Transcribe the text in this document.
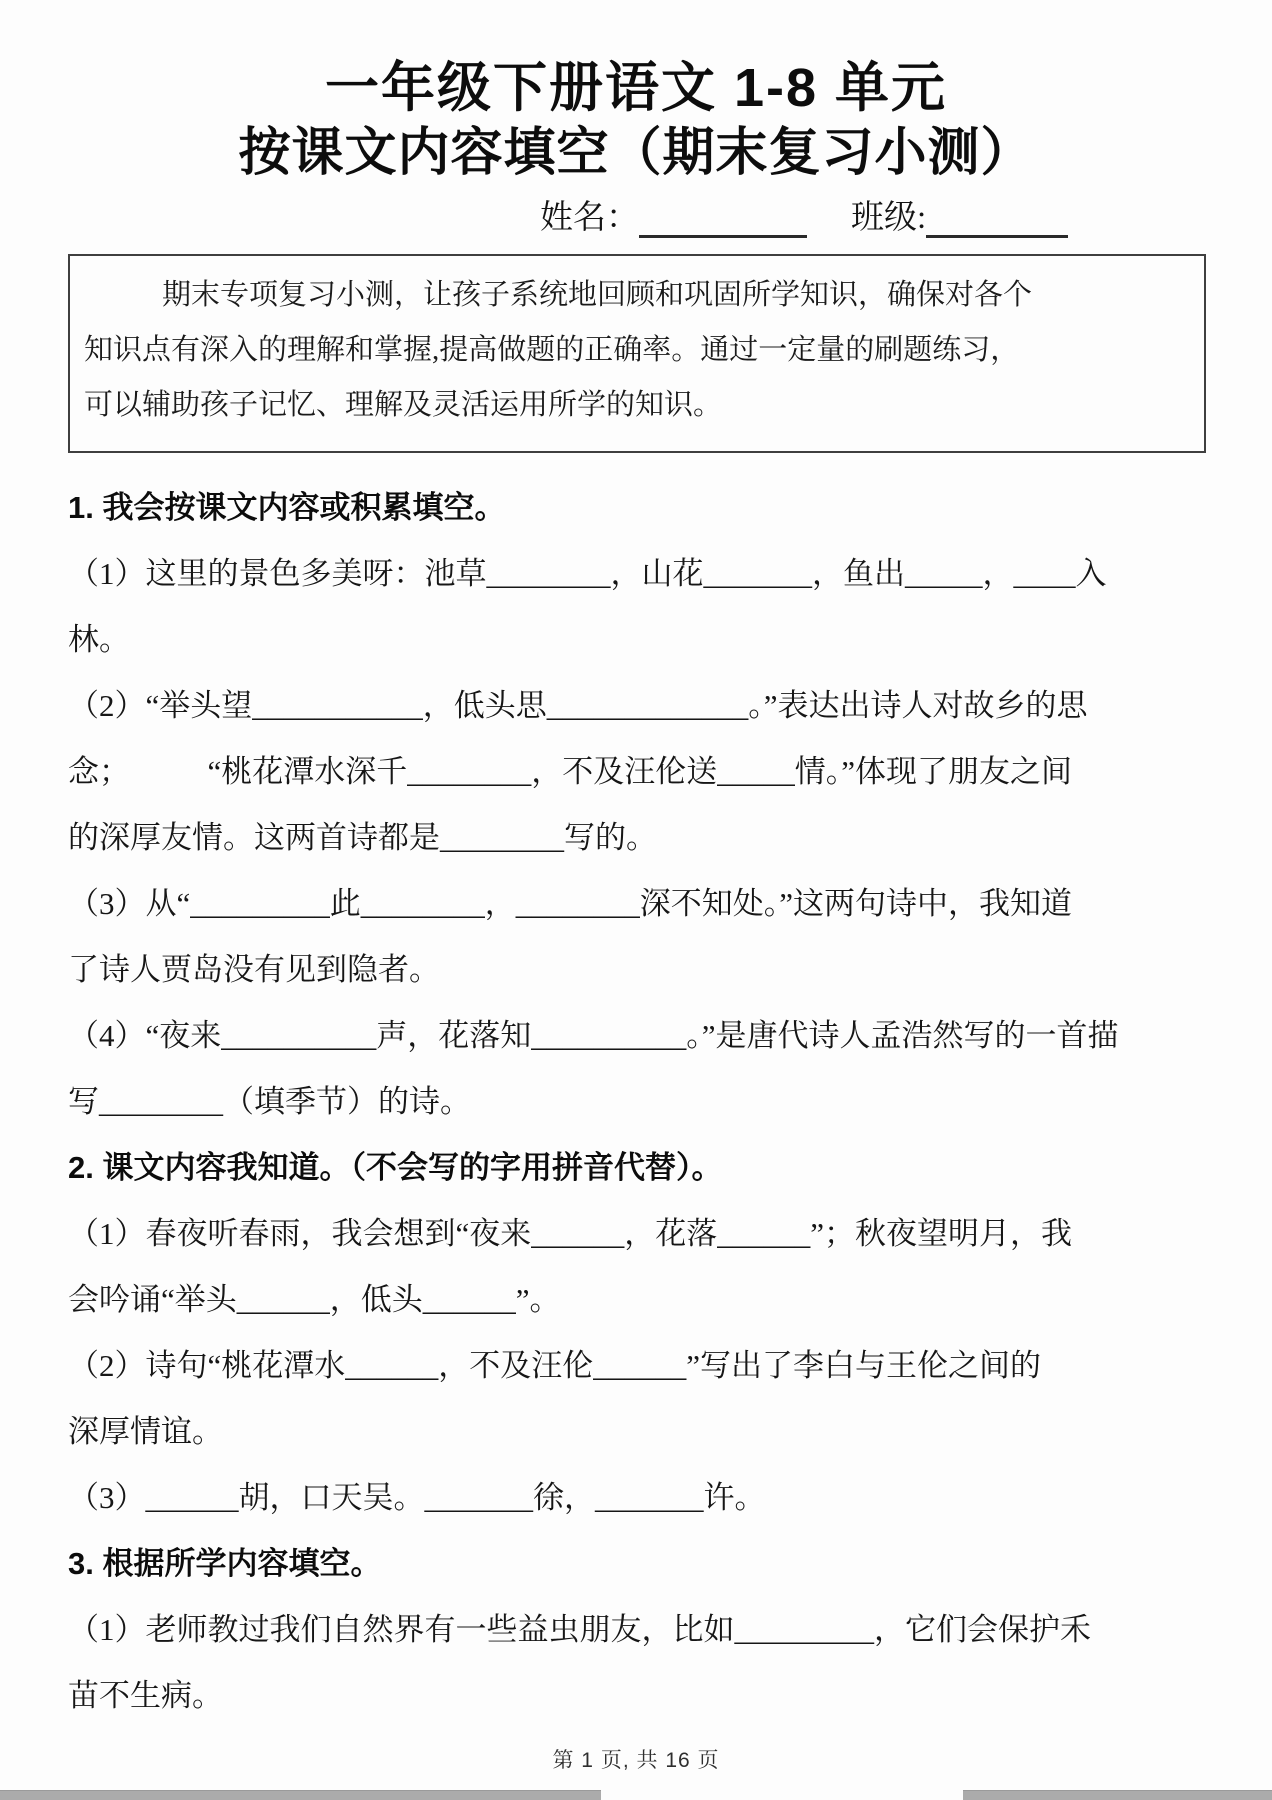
一年级下册语文 1-8 单元
按课文内容填空（期末复习小测）
姓名：	班级:
期末专项复习小测，让孩子系统地回顾和巩固所学知识，确保对各个
知识点有深入的理解和掌握,提高做题的正确率。通过一定量的刷题练习，
可以辅助孩子记忆、理解及灵活运用所学的知识。
1. 我会按课文内容或积累填空。
（1）这里的景色多美呀：池草________，山花_______，鱼出_____，____入
林。
（2）“举头望___________，低头思_____________。”表达出诗人对故乡的思
念；　　　“桃花潭水深千________，不及汪伦送_____情。”体现了朋友之间
的深厚友情。这两首诗都是________写的。
（3）从“_________此________，________深不知处。”这两句诗中，我知道
了诗人贾岛没有见到隐者。
（4）“夜来__________声，花落知__________。”是唐代诗人孟浩然写的一首描
写________（填季节）的诗。
2. 课文内容我知道。（不会写的字用拼音代替）。
（1）春夜听春雨，我会想到“夜来______，花落______”；秋夜望明月，我
会吟诵“举头______，低头______”。
（2）诗句“桃花潭水______，不及汪伦______”写出了李白与王伦之间的
深厚情谊。
（3）______胡，口天吴。_______徐，_______许。
3. 根据所学内容填空。
（1）老师教过我们自然界有一些益虫朋友，比如_________，它们会保护禾
苗不生病。
第 1 页, 共 16 页
